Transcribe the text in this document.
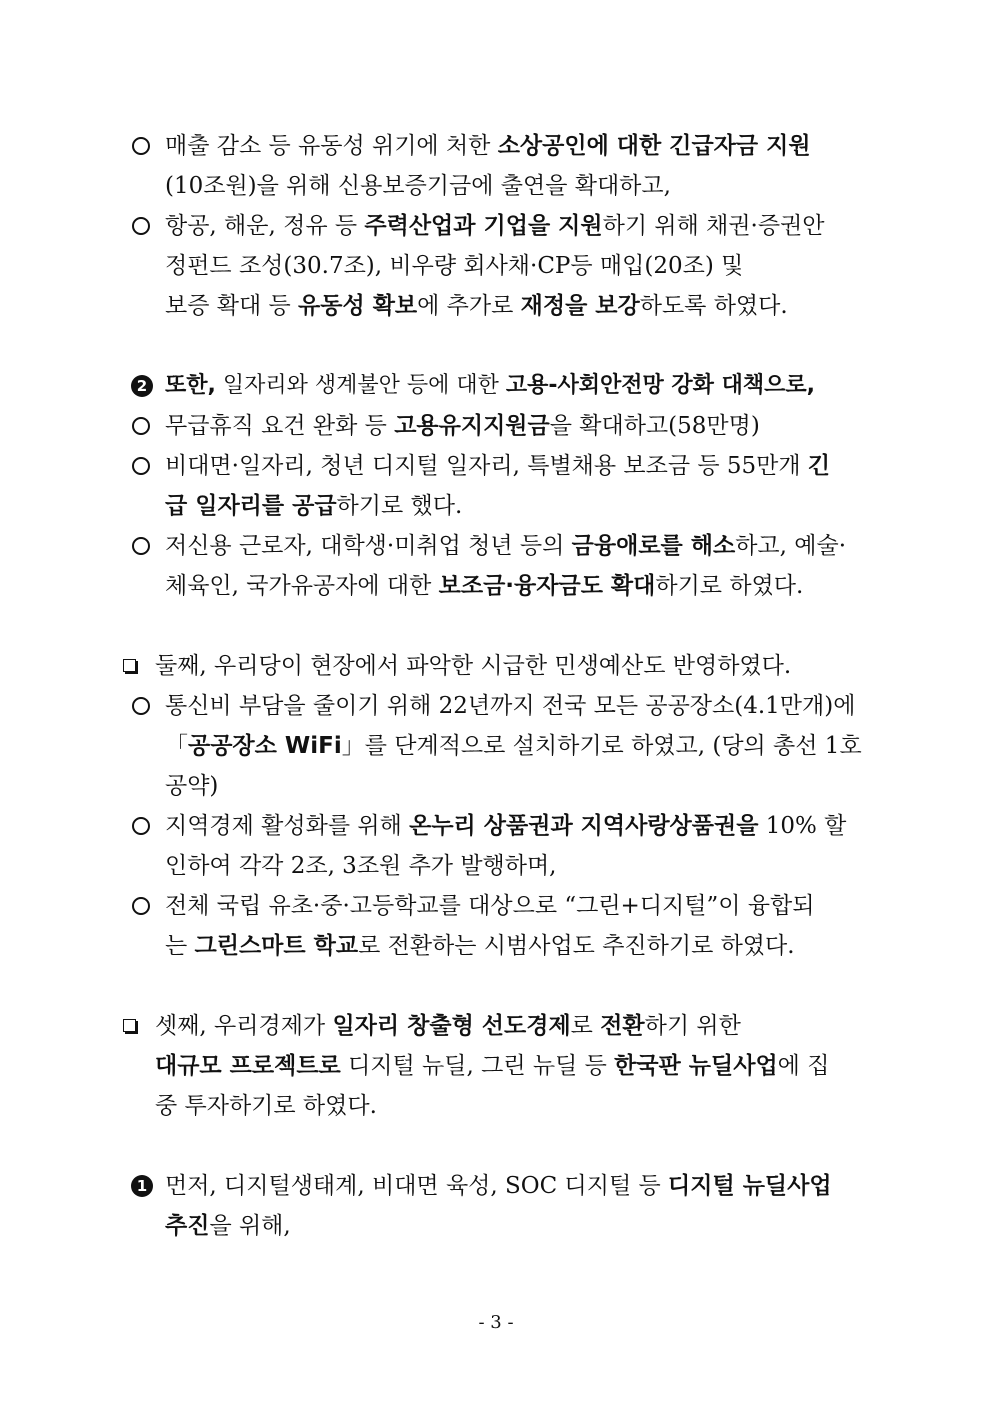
매출 감소 등 유동성 위기에 처한 소상공인에 대한 긴급자금 지원
(10조원)을 위해 신용보증기금에 출연을 확대하고,
항공, 해운, 정유 등 주력산업과 기업을 지원하기 위해 채권·증권안
정펀드 조성(30.7조), 비우량 회사채·CP등 매입(20조) 및
보증 확대 등 유동성 확보에 추가로 재정을 보강하도록 하였다.
2 또한, 일자리와 생계불안 등에 대한 고용-사회안전망 강화 대책으로,
무급휴직 요건 완화 등 고용유지지원금을 확대하고(58만명)
비대면·일자리, 청년 디지털 일자리, 특별채용 보조금 등 55만개 긴
급 일자리를 공급하기로 했다.
저신용 근로자, 대학생·미취업 청년 등의 금융애로를 해소하고, 예술·
체육인, 국가유공자에 대한 보조금·융자금도 확대하기로 하였다.
둘째, 우리당이 현장에서 파악한 시급한 민생예산도 반영하였다.
통신비 부담을 줄이기 위해 22년까지 전국 모든 공공장소(4.1만개)에
「공공장소 WiFi」를 단계적으로 설치하기로 하였고, (당의 총선 1호
공약)
지역경제 활성화를 위해 온누리 상품권과 지역사랑상품권을 10% 할
인하여 각각 2조, 3조원 추가 발행하며,
전체 국립 유초·중·고등학교를 대상으로 “그린+디지털”이 융합되
는 그린스마트 학교로 전환하는 시범사업도 추진하기로 하였다.
셋째, 우리경제가 일자리 창출형 선도경제로 전환하기 위한
대규모 프로젝트로 디지털 뉴딜, 그린 뉴딜 등 한국판 뉴딜사업에 집
중 투자하기로 하였다.
1 먼저, 디지털생태계, 비대면 육성, SOC 디지털 등 디지털 뉴딜사업
추진을 위해,
- 3 -
